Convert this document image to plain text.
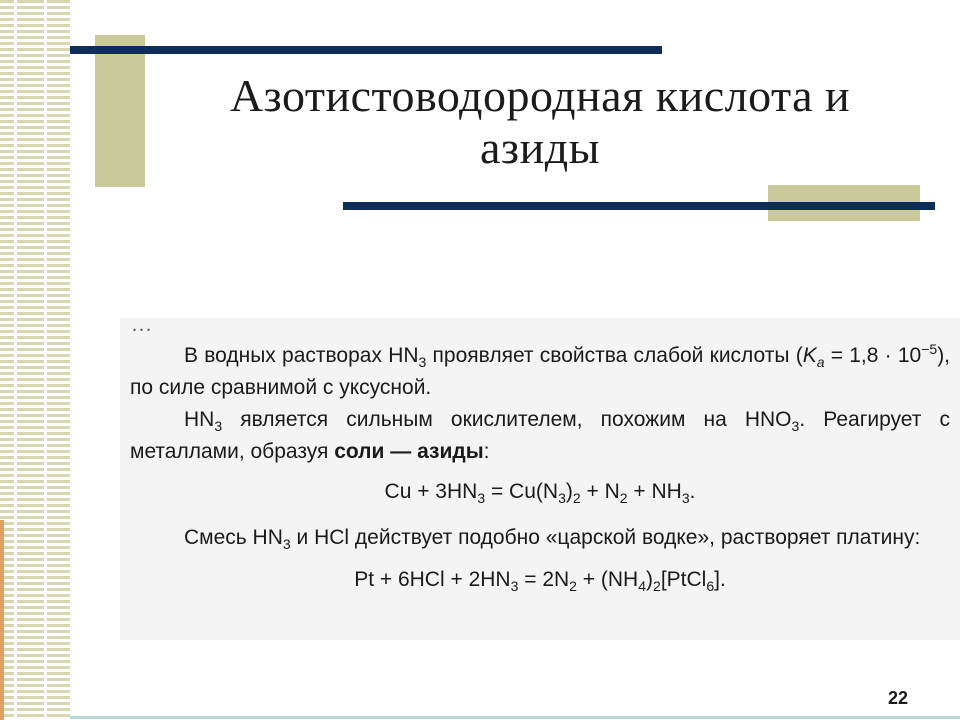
Азотистоводородная кислота и
азиды
...

В водных растворах $HN_3$ проявляет свойства слабой кислоты $(K_a = 1,8 \cdot 10^{-5})$, по силе сравнимой с уксусной.

$HN_3$ является сильным окислителем, похожим на $HNO_3$. Реагирует с металлами, образуя соли — азиды:

$Cu + 3HN_3 = Cu(N_3)_2 + N_2 + NH_3$.

Смесь $HN_3$ и HCl действует подобно «царской водке», растворяет платину:

$Pt + 6HCl + 2HN_3 = 2N_2$ + $(NH_4)_2[PtCl_6]$.

22
